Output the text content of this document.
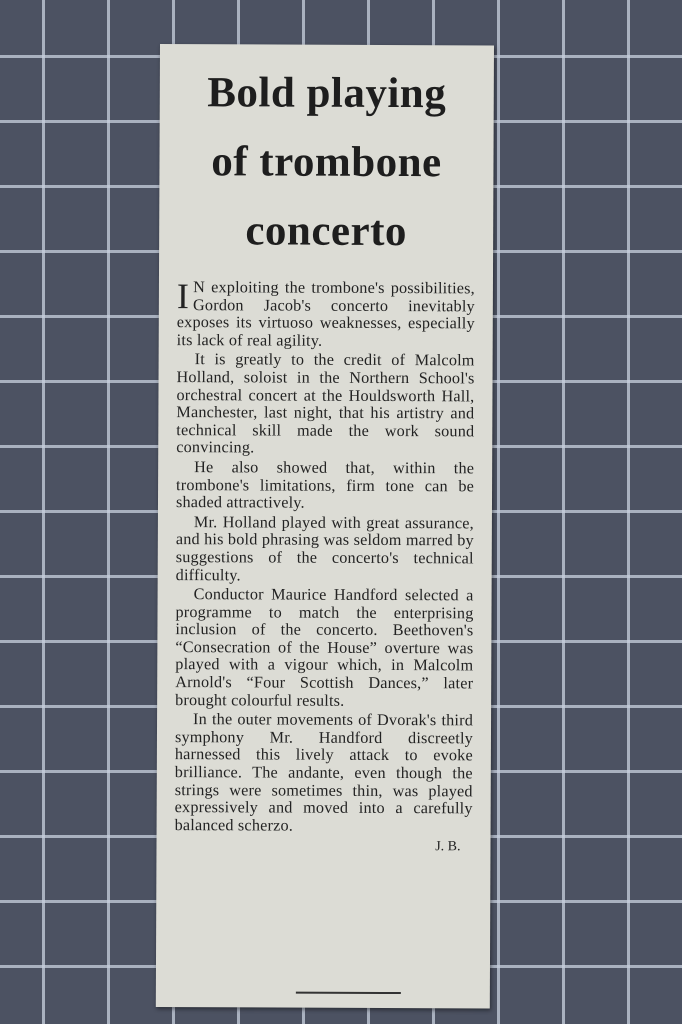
Bold playing
of trombone
concerto

I N exploiting the trombone's possibilities, Gordon Jacob's concerto inevitably exposes its virtuoso weaknesses, especially its lack of real agility.

It is greatly to the credit of Malcolm Holland, soloist in the Northern School's orchestral concert at the Houldsworth Hall, Manchester, last night, that his artistry and technical skill made the work sound convincing.

He also showed that, within the trombone's limitations, firm tone can be shaded attractively.

Mr. Holland played with great assurance, and his bold phrasing was seldom marred by suggestions of the concerto's technical difficulty.

Conductor Maurice Handford selected a programme to match the enterprising inclusion of the concerto. Beethoven's “Consecration of the House” overture was played with a vigour which, in Malcolm Arnold's “Four Scottish Dances,” later brought colourful results.

In the outer movements of Dvorak's third symphony Mr. Handford discreetly harnessed this lively attack to evoke brilliance. The andante, even though the strings were sometimes thin, was played expressively and moved into a carefully balanced scherzo.

J. B.
